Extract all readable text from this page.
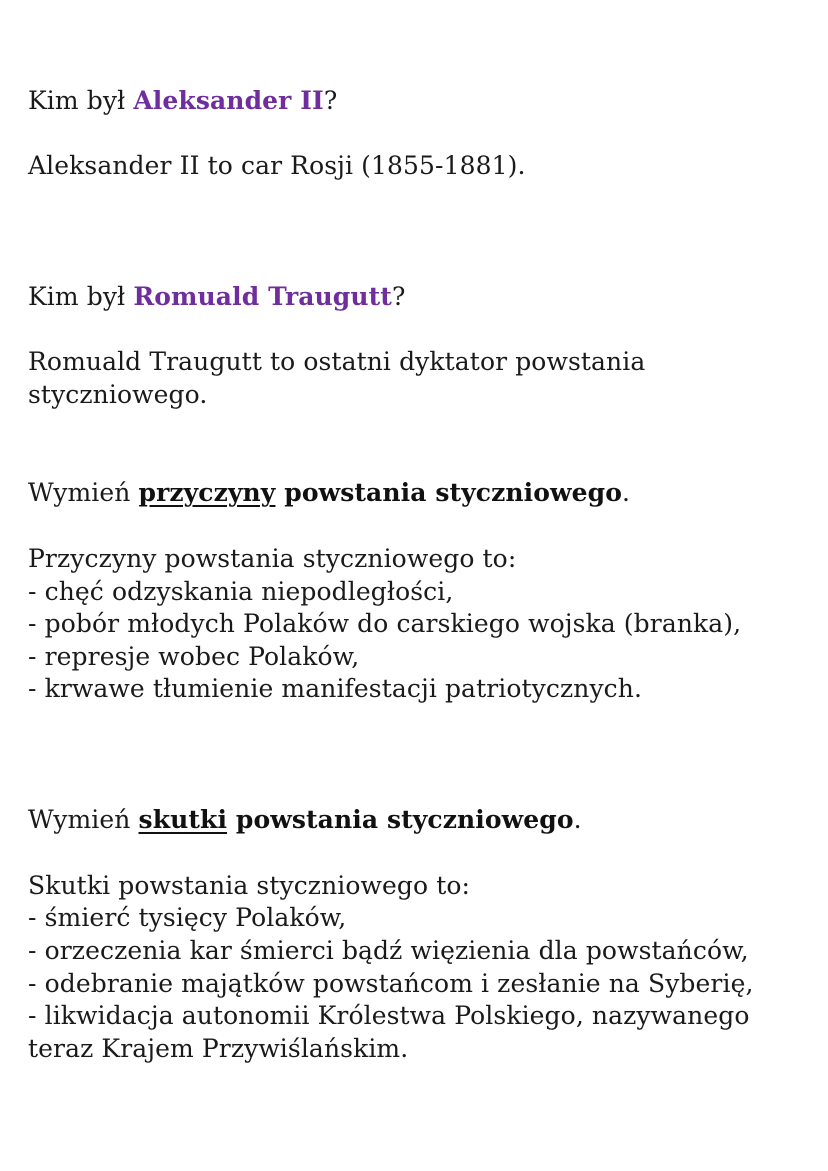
Kim był Aleksander II?
Aleksander II to car Rosji (1855-1881).
Kim był Romuald Traugutt?
Romuald Traugutt to ostatni dyktator powstania
styczniowego.
Wymień przyczyny powstania styczniowego.
Przyczyny powstania styczniowego to:
- chęć odzyskania niepodległości,
- pobór młodych Polaków do carskiego wojska (branka),
- represje wobec Polaków,
- krwawe tłumienie manifestacji patriotycznych.
Wymień skutki powstania styczniowego.
Skutki powstania styczniowego to:
- śmierć tysięcy Polaków,
- orzeczenia kar śmierci bądź więzienia dla powstańców,
- odebranie majątków powstańcom i zesłanie na Syberię,
- likwidacja autonomii Królestwa Polskiego, nazywanego
teraz Krajem Przywiślańskim.
